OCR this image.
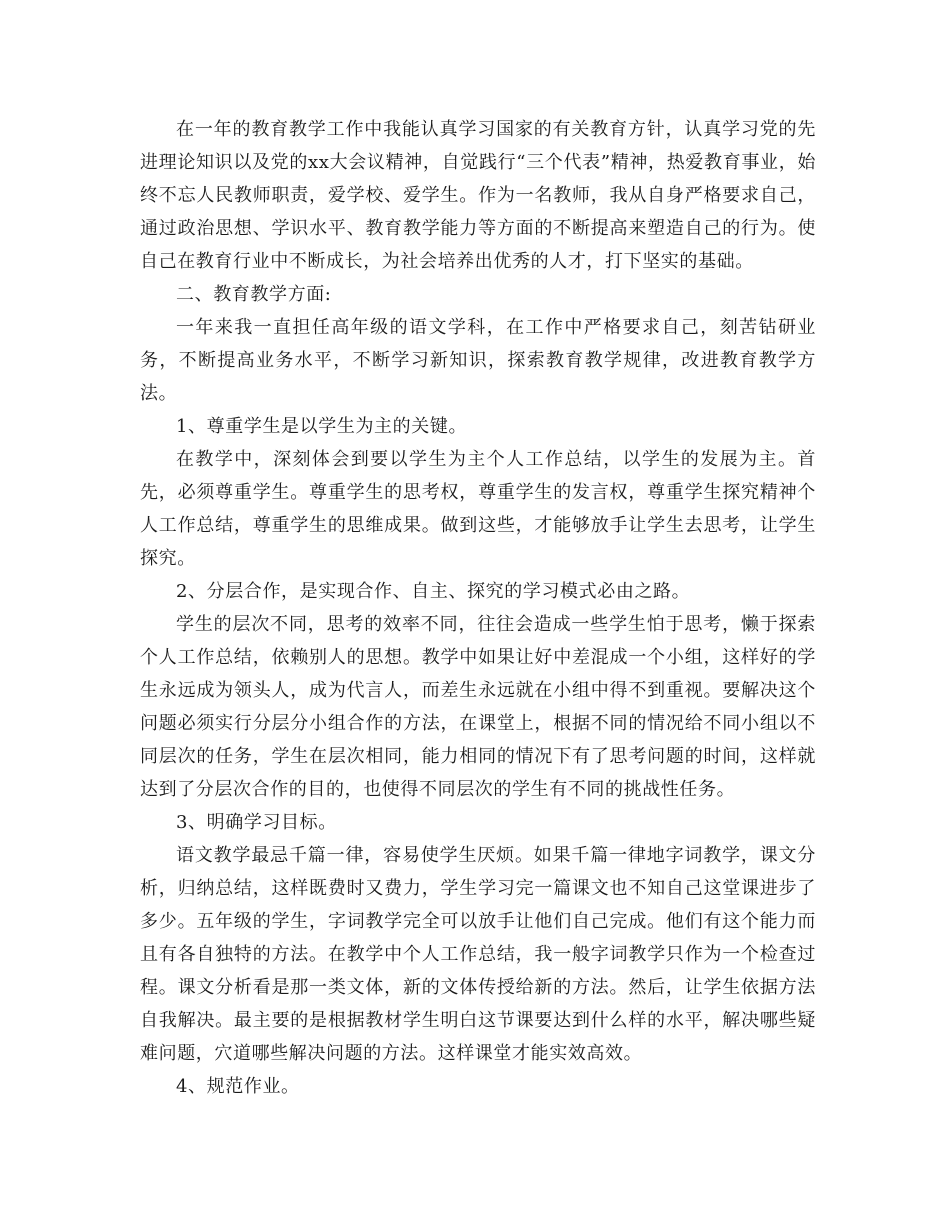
在一年的教育教学工作中我能认真学习国家的有关教育方针，认真学习党的先进理论知识以及党的xx大会议精神，自觉践行“三个代表”精神，热爱教育事业，始终不忘人民教师职责，爱学校、爱学生。作为一名教师，我从自身严格要求自己，通过政治思想、学识水平、教育教学能力等方面的不断提高来塑造自己的行为。使自己在教育行业中不断成长，为社会培养出优秀的人才，打下坚实的基础。

二、教育教学方面:

一年来我一直担任高年级的语文学科，在工作中严格要求自己，刻苦钻研业务，不断提高业务水平，不断学习新知识，探索教育教学规律，改进教育教学方法。

1、尊重学生是以学生为主的关键。

在教学中，深刻体会到要以学生为主个人工作总结，以学生的发展为主。首先，必须尊重学生。尊重学生的思考权，尊重学生的发言权，尊重学生探究精神个人工作总结，尊重学生的思维成果。做到这些，才能够放手让学生去思考，让学生探究。

2、分层合作，是实现合作、自主、探究的学习模式必由之路。

学生的层次不同，思考的效率不同，往往会造成一些学生怕于思考，懒于探索个人工作总结，依赖别人的思想。教学中如果让好中差混成一个小组，这样好的学生永远成为领头人，成为代言人，而差生永远就在小组中得不到重视。要解决这个问题必须实行分层分小组合作的方法，在课堂上，根据不同的情况给不同小组以不同层次的任务，学生在层次相同，能力相同的情况下有了思考问题的时间，这样就达到了分层次合作的目的，也使得不同层次的学生有不同的挑战性任务。

3、明确学习目标。

语文教学最忌千篇一律，容易使学生厌烦。如果千篇一律地字词教学，课文分析，归纳总结，这样既费时又费力，学生学习完一篇课文也不知自己这堂课进步了多少。五年级的学生，字词教学完全可以放手让他们自己完成。他们有这个能力而且有各自独特的方法。在教学中个人工作总结，我一般字词教学只作为一个检查过程。课文分析看是那一类文体，新的文体传授给新的方法。然后，让学生依据方法自我解决。最主要的是根据教材学生明白这节课要达到什么样的水平，解决哪些疑难问题，穴道哪些解决问题的方法。这样课堂才能实效高效。

4、规范作业。
